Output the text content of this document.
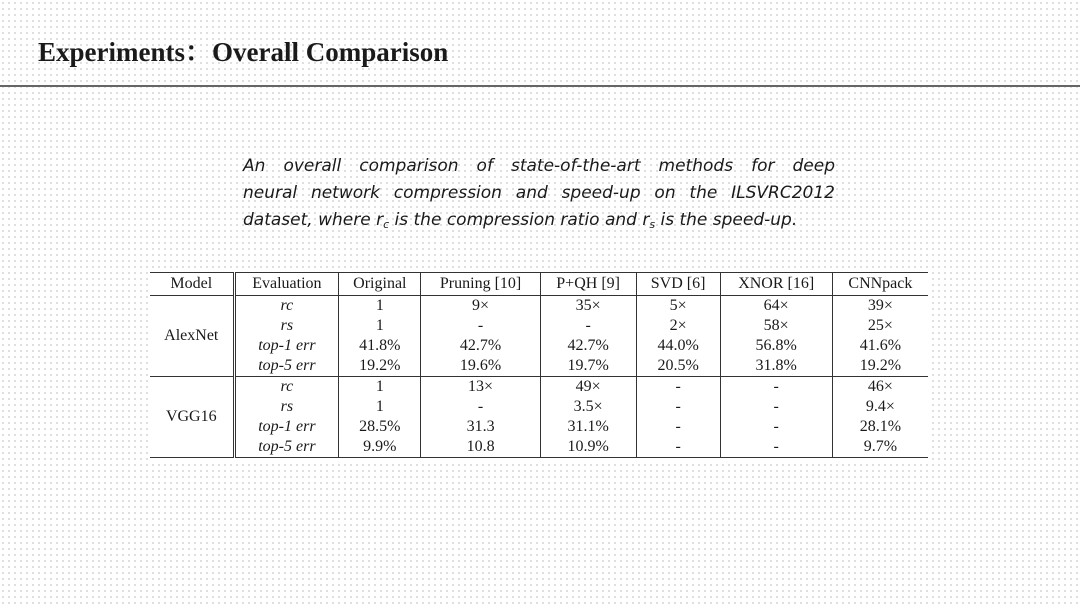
Experiments：Overall Comparison

An overall comparison of state-of-the-art methods for deep
neural network compression and speed-up on the ILSVRC2012
dataset, where $r_c$ is the compression ratio and $r_s$ is the speed-up.

Model	Evaluation	Original	Pruning [10]	P+QH [9]	SVD [6]	XNOR [16]	CNNpack
AlexNet	rc	1	9×	35×	5×	64×	39×
	rs	1	-	-	2×	58×	25×
	top-1 err	41.8%	42.7%	42.7%	44.0%	56.8%	41.6%
	top-5 err	19.2%	19.6%	19.7%	20.5%	31.8%	19.2%
VGG16	rc	1	13×	49×	-	-	46×
	rs	1	-	3.5×	-	-	9.4×
	top-1 err	28.5%	31.3	31.1%	-	-	28.1%
	top-5 err	9.9%	10.8	10.9%	-	-	9.7%
